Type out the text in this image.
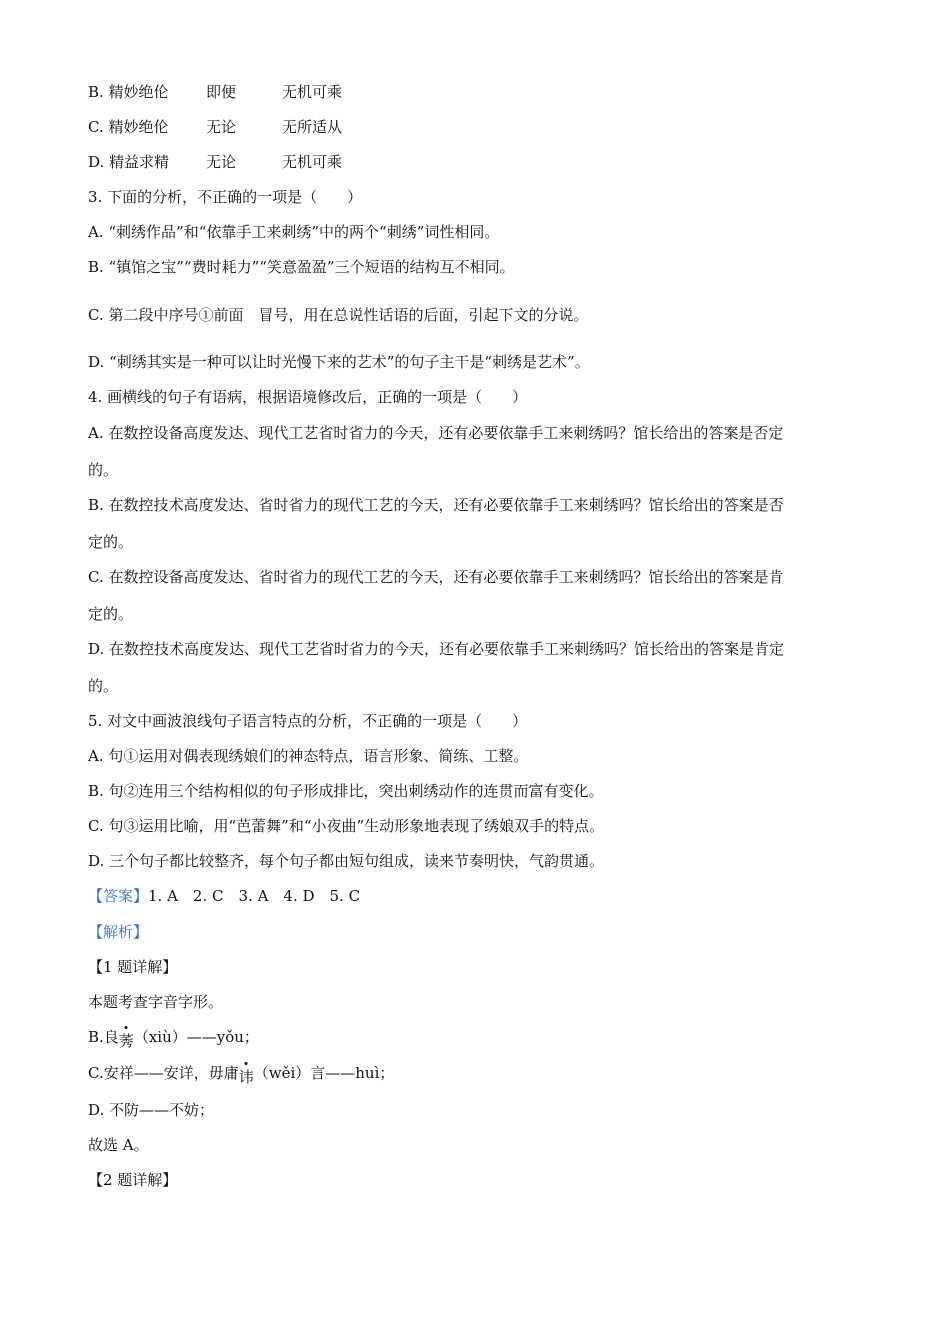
B. 精妙绝伦	即便	无机可乘
C. 精妙绝伦	无论	无所适从
D. 精益求精	无论	无机可乘

3. 下面的分析，不正确的一项是（　　）

A. “刺绣作品”和“依靠手工来刺绣”中的两个“刺绣”词性相同。

B. “镇馆之宝”“费时耗力”“笑意盈盈”三个短语的结构互不相同。

C. 第二段中序号①前面　冒号，用在总说性话语的后面，引起下文的分说。

D. “刺绣其实是一种可以让时光慢下来的艺术”的句子主干是“刺绣是艺术”。

4. 画横线的句子有语病，根据语境修改后，正确的一项是（　　）

A. 在数控设备高度发达、现代工艺省时省力的今天，还有必要依靠手工来刺绣吗？馆长给出的答案是否定

的。

B. 在数控技术高度发达、省时省力的现代工艺的今天，还有必要依靠手工来刺绣吗？馆长给出的答案是否

定的。

C. 在数控设备高度发达、省时省力的现代工艺的今天，还有必要依靠手工来刺绣吗？馆长给出的答案是肯

定的。

D. 在数控技术高度发达、现代工艺省时省力的今天，还有必要依靠手工来刺绣吗？馆长给出的答案是肯定

的。

5. 对文中画波浪线句子语言特点的分析，不正确的一项是（　　）

A. 句①运用对偶表现绣娘们的神态特点，语言形象、简练、工整。

B. 句②连用三个结构相似的句子形成排比，突出刺绣动作的连贯而富有变化。

C. 句③运用比喻，用“芭蕾舞”和“小夜曲”生动形象地表现了绣娘双手的特点。

D. 三个句子都比较整齐，每个句子都由短句组成，读来节奏明快，气韵贯通。

【答案】1. A　2. C　3. A　4. D　5. C

【解析】

【1 题详解】

本题考查字音字形。

B.良莠（xiù）——yǒu；

C.安祥——安详，毋庸讳（wěi）言——huì；

D. 不防——不妨；

故选 A。

【2 题详解】
